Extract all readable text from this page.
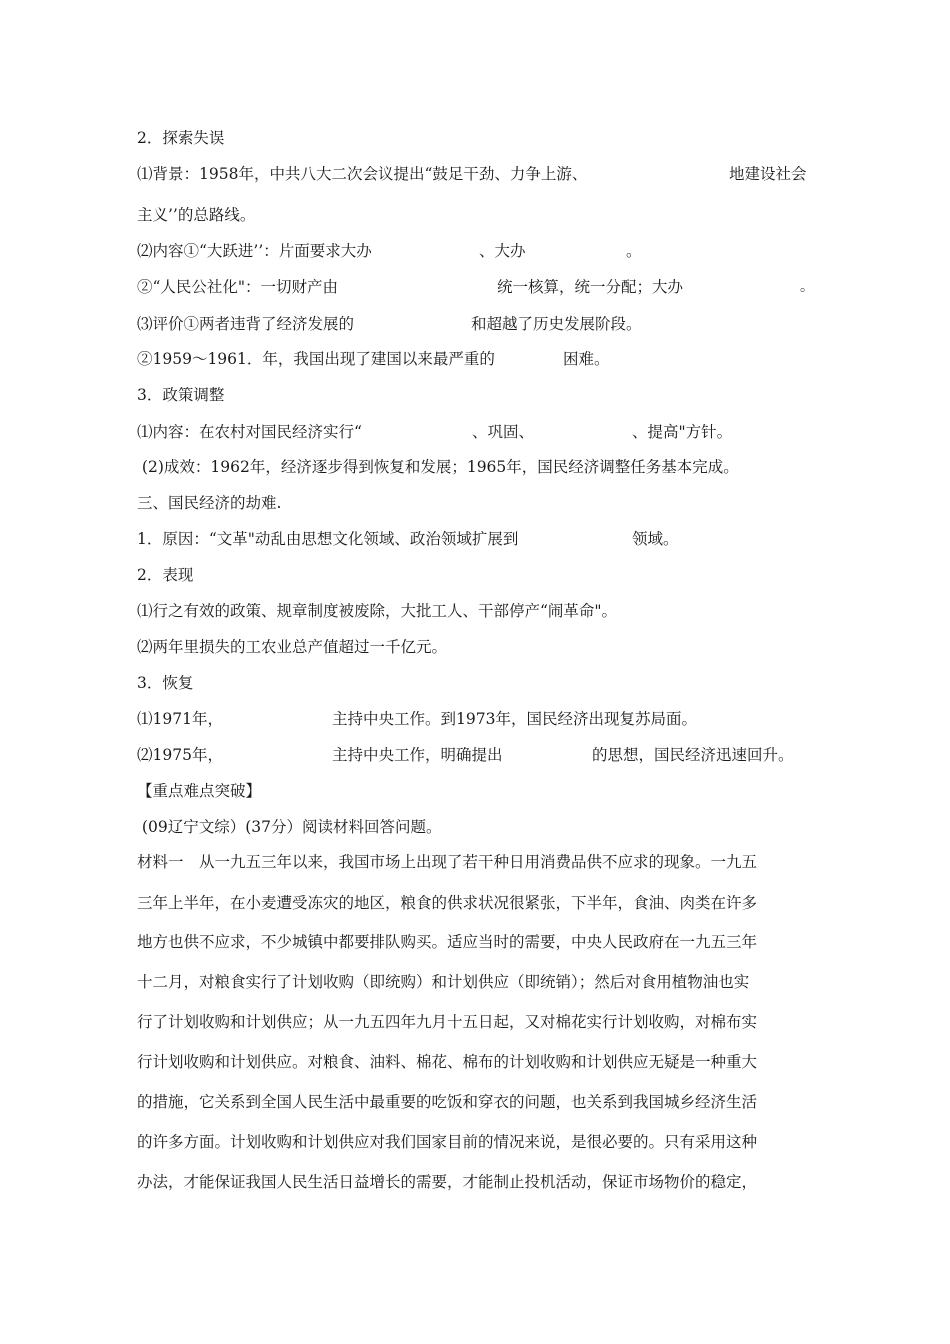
2．探索失误
⑴背景：1958年，中共八大二次会议提出“鼓足干劲、力争上游、	地建设社会
主义’’的总路线。
⑵内容①“大跃进’’：片面要求大办	、大办	。
②“人民公社化"：一切财产由	统一核算，统一分配；大办	。
⑶评价①两者违背了经济发展的	和超越了历史发展阶段。
②1959～1961．年，我国出现了建国以来最严重的	困难。
3．政策调整
⑴内容：在农村对国民经济实行“	、巩固、	、提高"方针。
(2)成效：1962年，经济逐步得到恢复和发展；1965年，国民经济调整任务基本完成。
三、国民经济的劫难.
1．原因：“文革"动乱由思想文化领域、政治领域扩展到	领域。
2．表现
⑴行之有效的政策、规章制度被废除，大批工人、干部停产“闹革命"。
⑵两年里损失的工农业总产值超过一千亿元。
3．恢复
⑴1971年，	主持中央工作。到1973年，国民经济出现复苏局面。
⑵1975年，	主持中央工作，明确提出	的思想，国民经济迅速回升。
【重点难点突破】
(09辽宁文综）(37分）阅读材料回答问题。
材料一　从一九五三年以来，我国市场上出现了若干种日用消费品供不应求的现象。一九五
三年上半年，在小麦遭受冻灾的地区，粮食的供求状况很紧张，下半年，食油、肉类在许多
地方也供不应求，不少城镇中都要排队购买。适应当时的需要，中央人民政府在一九五三年
十二月，对粮食实行了计划收购（即统购）和计划供应（即统销）；然后对食用植物油也实
行了计划收购和计划供应；从一九五四年九月十五日起，又对棉花实行计划收购，对棉布实
行计划收购和计划供应。对粮食、油料、棉花、棉布的计划收购和计划供应无疑是一种重大
的措施，它关系到全国人民生活中最重要的吃饭和穿衣的问题，也关系到我国城乡经济生活
的许多方面。计划收购和计划供应对我们国家目前的情况来说，是很必要的。只有采用这种
办法，才能保证我国人民生活日益增长的需要，才能制止投机活动，保证市场物价的稳定，
